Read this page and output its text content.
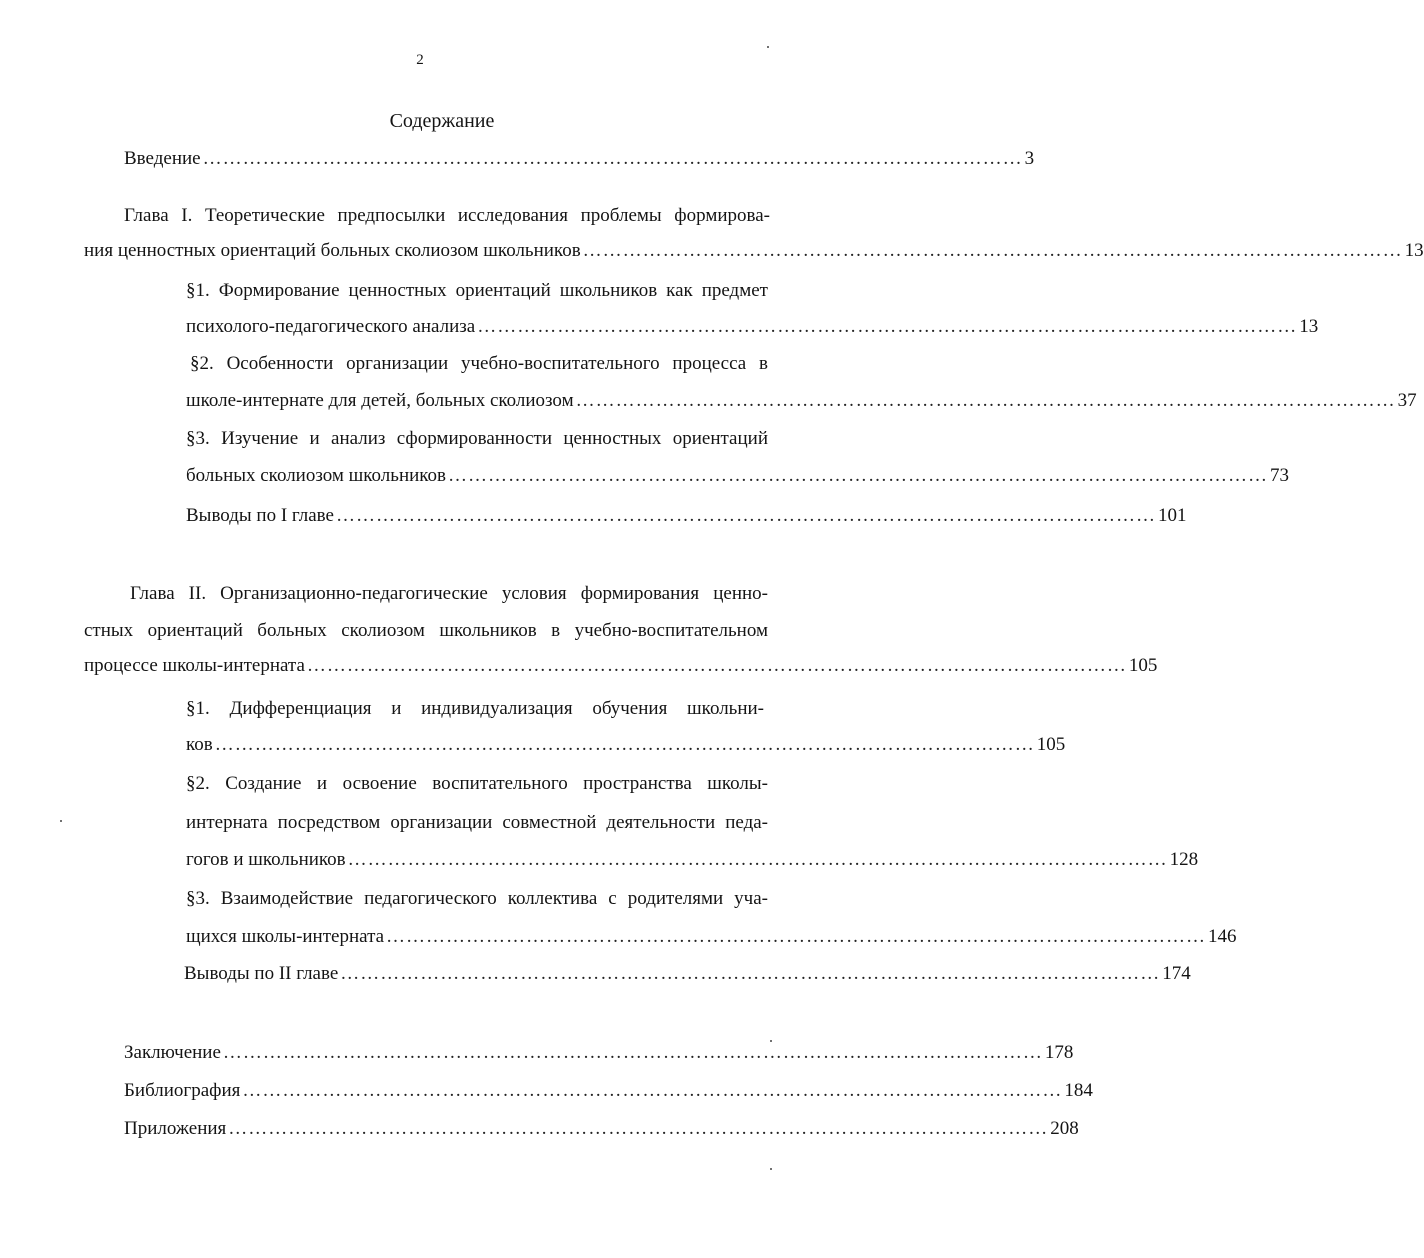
2
Содержание
Введение …………………………………………………………………………………………………………… 3
Глава I. Теоретические предпосылки исследования проблемы формирова-
ния ценностных ориентаций больных сколиозом школьников …………………………………………………………………………………………………………… 13
§1. Формирование ценностных ориентаций школьников как предмет
психолого-педагогического анализа …………………………………………………………………………………………………………… 13
§2. Особенности организации учебно-воспитательного процесса в
школе-интернате для детей, больных сколиозом …………………………………………………………………………………………………………… 37
§3. Изучение и анализ сформированности ценностных ориентаций
больных сколиозом школьников …………………………………………………………………………………………………………… 73
Выводы по I главе …………………………………………………………………………………………………………… 101
Глава II. Организационно-педагогические условия формирования ценно-
стных ориентаций больных сколиозом школьников в учебно-воспитательном
процессе школы-интерната …………………………………………………………………………………………………………… 105
§1. Дифференциация и индивидуализация обучения школьни-
ков …………………………………………………………………………………………………………… 105
§2. Создание и освоение воспитательного пространства школы-
интерната посредством организации совместной деятельности педа-
гогов и школьников …………………………………………………………………………………………………………… 128
§3. Взаимодействие педагогического коллектива с родителями уча-
щихся школы-интерната …………………………………………………………………………………………………………… 146
Выводы по II главе …………………………………………………………………………………………………………… 174
Заключение …………………………………………………………………………………………………………… 178
Библиография …………………………………………………………………………………………………………… 184
Приложения …………………………………………………………………………………………………………… 208
